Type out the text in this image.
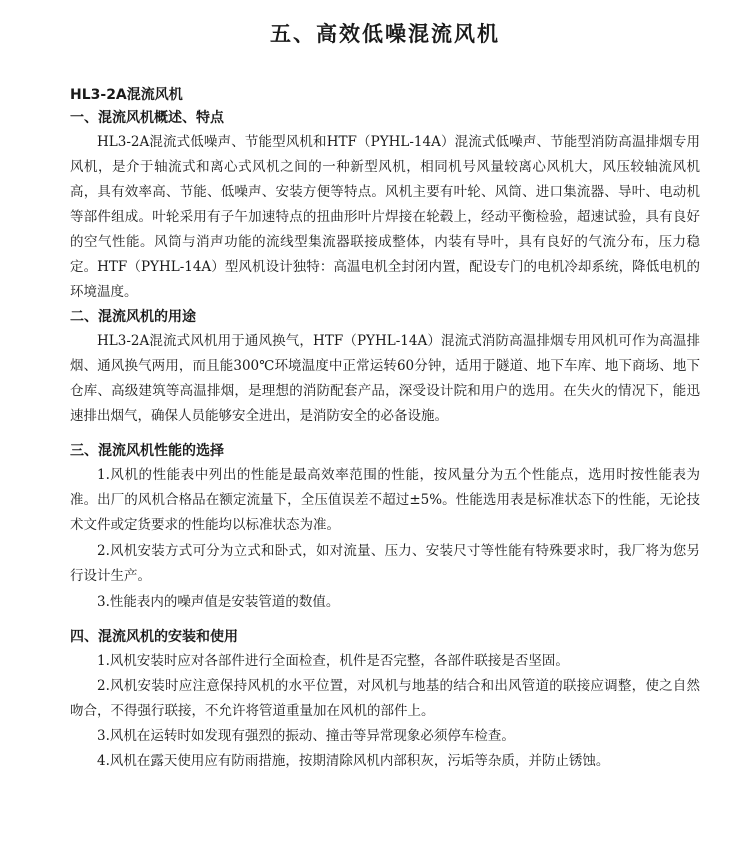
五、高效低噪混流风机
HL3-2A混流风机
一、混流风机概述、特点

HL3-2A混流式低噪声、节能型风机和HTF（PYHL-14A）混流式低噪声、节能型消防高温排烟专用风机，是介于轴流式和离心式风机之间的一种新型风机，相同机号风量较离心风机大，风压较轴流风机高，具有效率高、节能、低噪声、安装方便等特点。风机主要有叶轮、风筒、进口集流器、导叶、电动机等部件组成。叶轮采用有子午加速特点的扭曲形叶片焊接在轮毂上，经动平衡检验，超速试验，具有良好的空气性能。风筒与消声功能的流线型集流器联接成整体，内装有导叶，具有良好的气流分布，压力稳定。HTF（PYHL-14A）型风机设计独特：高温电机全封闭内置，配设专门的电机冷却系统，降低电机的环境温度。

二、混流风机的用途

HL3-2A混流式风机用于通风换气，HTF（PYHL-14A）混流式消防高温排烟专用风机可作为高温排烟、通风换气两用，而且能300℃环境温度中正常运转60分钟，适用于隧道、地下车库、地下商场、地下仓库、高级建筑等高温排烟，是理想的消防配套产品，深受设计院和用户的选用。在失火的情况下，能迅速排出烟气，确保人员能够安全进出，是消防安全的必备设施。

三、混流风机性能的选择

1.风机的性能表中列出的性能是最高效率范围的性能，按风量分为五个性能点，选用时按性能表为准。出厂的风机合格品在额定流量下，全压值误差不超过±5%。性能选用表是标准状态下的性能，无论技术文件或定货要求的性能均以标准状态为准。

2.风机安装方式可分为立式和卧式，如对流量、压力、安装尺寸等性能有特殊要求时，我厂将为您另行设计生产。

3.性能表内的噪声值是安装管道的数值。

四、混流风机的安装和使用

1.风机安装时应对各部件进行全面检查，机件是否完整，各部件联接是否坚固。

2.风机安装时应注意保持风机的水平位置，对风机与地基的结合和出风管道的联接应调整，使之自然吻合，不得强行联接，不允许将管道重量加在风机的部件上。

3.风机在运转时如发现有强烈的振动、撞击等异常现象必须停车检查。

4.风机在露天使用应有防雨措施，按期清除风机内部积灰，污垢等杂质，并防止锈蚀。
